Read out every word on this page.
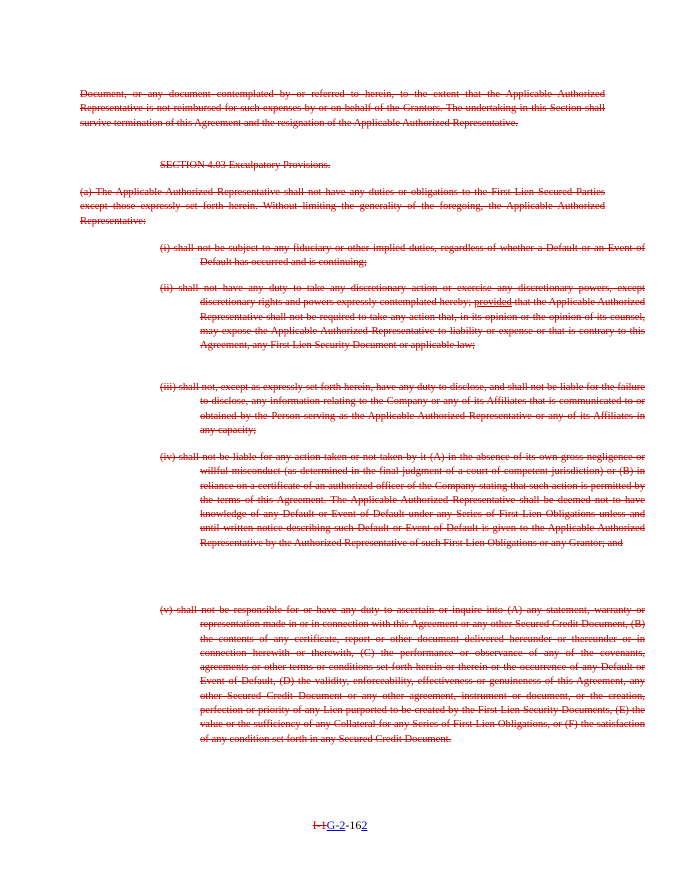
Document, or any document contemplated by or referred to herein, to the extent that the Applicable Authorized Representative is not reimbursed for such expenses by or on behalf of the Grantors. The undertaking in this Section shall survive termination of this Agreement and the resignation of the Applicable Authorized Representative.
SECTION 4.03 Exculpatory Provisions.
(a) The Applicable Authorized Representative shall not have any duties or obligations to the First Lien Secured Parties except those expressly set forth herein. Without limiting the generality of the foregoing, the Applicable Authorized Representative:
(i) shall not be subject to any fiduciary or other implied duties, regardless of whether a Default or an Event of Default has occurred and is continuing;
(ii) shall not have any duty to take any discretionary action or exercise any discretionary powers, except discretionary rights and powers expressly contemplated hereby; provided that the Applicable Authorized Representative shall not be required to take any action that, in its opinion or the opinion of its counsel, may expose the Applicable Authorized Representative to liability or expense or that is contrary to this Agreement, any First Lien Security Document or applicable law;
(iii) shall not, except as expressly set forth herein, have any duty to disclose, and shall not be liable for the failure to disclose, any information relating to the Company or any of its Affiliates that is communicated to or obtained by the Person serving as the Applicable Authorized Representative or any of its Affiliates in any capacity;
(iv) shall not be liable for any action taken or not taken by it (A) in the absence of its own gross negligence or willful misconduct (as determined in the final judgment of a court of competent jurisdiction) or (B) in reliance on a certificate of an authorized officer of the Company stating that such action is permitted by the terms of this Agreement. The Applicable Authorized Representative shall be deemed not to have knowledge of any Default or Event of Default under any Series of First Lien Obligations unless and until written notice describing such Default or Event of Default is given to the Applicable Authorized Representative by the Authorized Representative of such First Lien Obligations or any Grantor; and
(v) shall not be responsible for or have any duty to ascertain or inquire into (A) any statement, warranty or representation made in or in connection with this Agreement or any other Secured Credit Document, (B) the contents of any certificate, report or other document delivered hereunder or thereunder or in connection herewith or therewith, (C) the performance or observance of any of the covenants, agreements or other terms or conditions set forth herein or therein or the occurrence of any Default or Event of Default, (D) the validity, enforceability, effectiveness or genuineness of this Agreement, any other Secured Credit Document or any other agreement, instrument or document, or the creation, perfection or priority of any Lien purported to be created by the First Lien Security Documents, (E) the value or the sufficiency of any Collateral for any Series of First Lien Obligations, or (F) the satisfaction of any condition set forth in any Secured Credit Document.
I-1G-2-162
